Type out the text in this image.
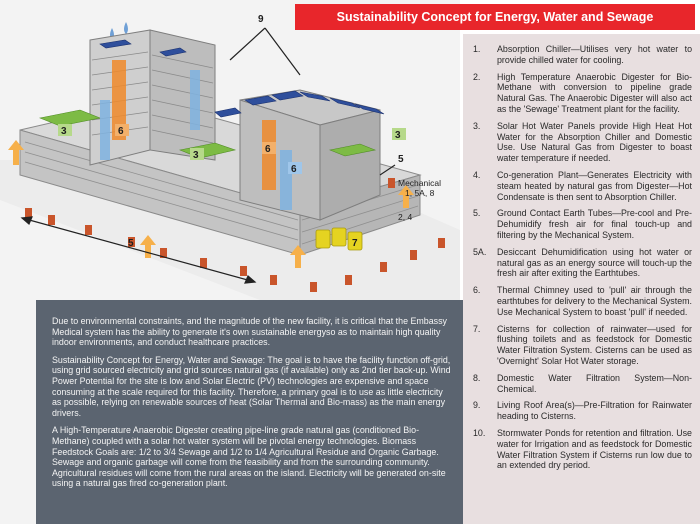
3	6
3
6
9
3
5
Mechanical
1, 5A, 8
2, 4
6
7
5
Sustainability Concept for Energy, Water and Sewage
1.	Absorption Chiller—Utilises very hot water to provide chilled water for cooling.
2.	High Temperature Anaerobic Digester for Bio-Methane with conversion to pipeline grade Natural Gas. The Anaerobic Digester will also act as the 'Sewage' Treatment plant for the facility.
3.	Solar Hot Water Panels provide High Heat Hot Water for the Absorption Chiller and Domestic Use. Use Natural Gas from Digester to boast water temperature if needed.
4.	Co-generation Plant—Generates Electricity with steam heated by natural gas from Digester—Hot Condensate is then sent to Absorption Chiller.
5.	Ground Contact Earth Tubes—Pre-cool and Pre-Dehumidify fresh air for final touch-up and filtering by the Mechanical System.
5A.	Desiccant Dehumidification using hot water or natural gas as an energy source will touch-up the fresh air after exiting the Earthtubes.
6.	Thermal Chimney used to 'pull' air through the earthtubes for delivery to the Mechanical System. Use Mechanical System to boast 'pull' if needed.
7.	Cisterns for collection of rainwater—used for flushing toilets and as feedstock for Domestic Water Filtration System. Cisterns can be used as 'Overnight' Solar Hot Water storage.
8.	Domestic Water Filtration System—Non-Chemical.
9.	Living Roof Area(s)—Pre-Filtration for Rainwater heading to Cisterns.
10.	Stormwater Ponds for retention and filtration. Use water for Irrigation and as feedstock for Domestic Water Filtration System if Cisterns run low due to an extended dry period.

Due to environmental constraints, and the magnitude of the new facility, it is critical that the Embassy Medical system has the ability to generate it's own sustainable energyso as to maintain high quality indoor environments, and conduct healthcare practices.

Sustainability Concept for Energy, Water and Sewage: The goal is to have the facility function off-grid, using grid sourced electricity and grid sources natural gas (if available) only as 2nd tier back-up. Wind Power Potential for the site is low and Solar Electric (PV) technologies are expensive and space consuming at the scale required for this facility. Therefore, a primary goal is to use as little electricity as possible, relying on renewable sources of heat (Solar Thermal and Bio-mass) as the main energy drivers.

A High-Temperature Anaerobic Digester creating pipe-line grade natural gas (conditioned Bio- Methane) coupled with a solar hot water system will be pivotal energy technologies. Biomass Feedstock Goals are: 1/2 to 3/4 Sewage and 1/2 to 1/4 Agricultural Residue and Organic Garbage. Sewage and organic garbage will come from the feasibility and from the surrounding community. Agricultural residues will come from the rural areas on the island. Electricity will be generated on-site using a natural gas fired co-generation plant.
